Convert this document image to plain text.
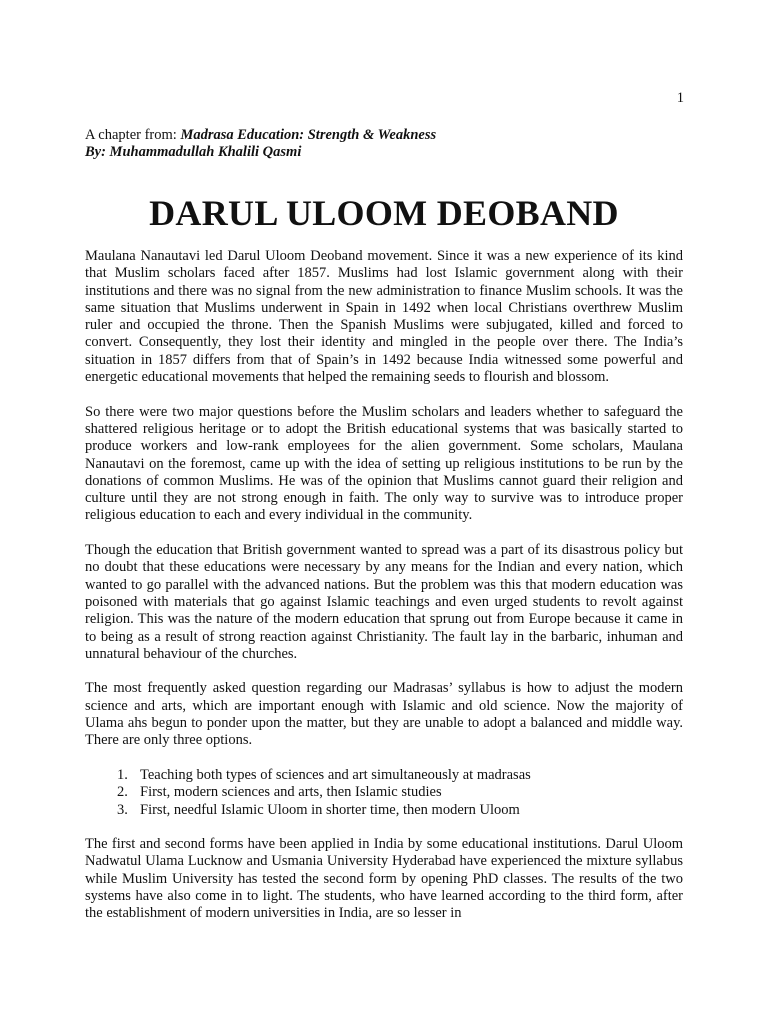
1
A chapter from: Madrasa Education: Strength & Weakness
By: Muhammadullah Khalili Qasmi
DARUL ULOOM DEOBAND

Maulana Nanautavi led Darul Uloom Deoband movement. Since it was a new experience of its kind that Muslim scholars faced after 1857. Muslims had lost Islamic government along with their institutions and there was no signal from the new administration to finance Muslim schools. It was the same situation that Muslims underwent in Spain in 1492 when local Christians overthrew Muslim ruler and occupied the throne. Then the Spanish Muslims were subjugated, killed and forced to convert. Consequently, they lost their identity and mingled in the people over there. The India’s situation in 1857 differs from that of Spain’s in 1492 because India witnessed some powerful and energetic educational movements that helped the remaining seeds to flourish and blossom.

So there were two major questions before the Muslim scholars and leaders whether to safeguard the shattered religious heritage or to adopt the British educational systems that was basically started to produce workers and low-rank employees for the alien government. Some scholars, Maulana Nanautavi on the foremost, came up with the idea of setting up religious institutions to be run by the donations of common Muslims. He was of the opinion that Muslims cannot guard their religion and culture until they are not strong enough in faith. The only way to survive was to introduce proper religious education to each and every individual in the community.

Though the education that British government wanted to spread was a part of its disastrous policy but no doubt that these educations were necessary by any means for the Indian and every nation, which wanted to go parallel with the advanced nations. But the problem was this that modern education was poisoned with materials that go against Islamic teachings and even urged students to revolt against religion. This was the nature of the modern education that sprung out from Europe because it came in to being as a result of strong reaction against Christianity. The fault lay in the barbaric, inhuman and unnatural behaviour of the churches.

The most frequently asked question regarding our Madrasas’ syllabus is how to adjust the modern science and arts, which are important enough with Islamic and old science. Now the majority of Ulama ahs begun to ponder upon the matter, but they are unable to adopt a balanced and middle way. There are only three options.

1. Teaching both types of sciences and art simultaneously at madrasas
2. First, modern sciences and arts, then Islamic studies
3. First, needful Islamic Uloom in shorter time, then modern Uloom

The first and second forms have been applied in India by some educational institutions. Darul Uloom Nadwatul Ulama Lucknow and Usmania University Hyderabad have experienced the mixture syllabus while Muslim University has tested the second form by opening PhD classes. The results of the two systems have also come in to light. The students, who have learned according to the third form, after the establishment of modern universities in India, are so lesser in
